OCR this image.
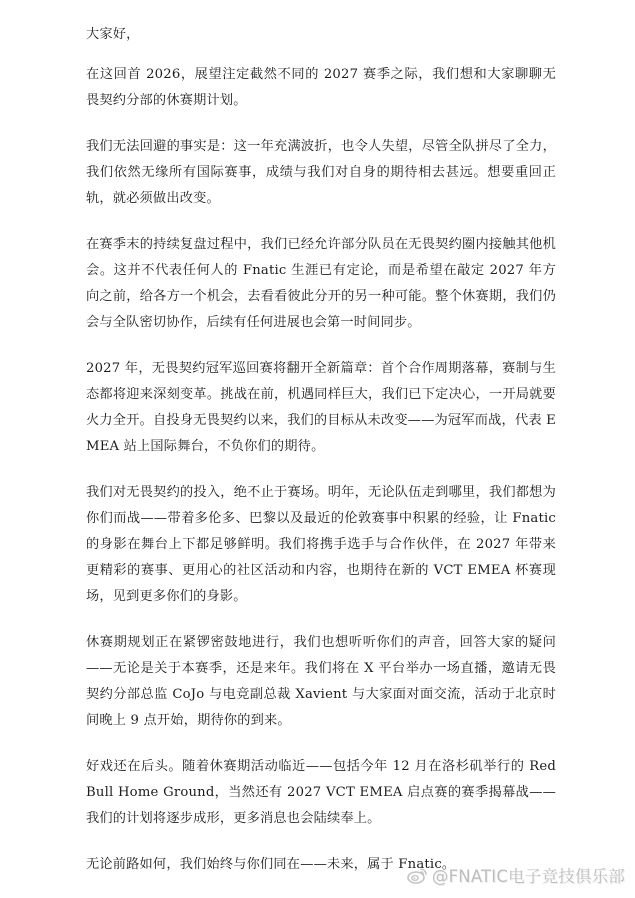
大家好，

在这回首 2026，展望注定截然不同的 2027 赛季之际，我们想和大家聊聊无畏契约分部的休赛期计划。

我们无法回避的事实是：这一年充满波折，也令人失望，尽管全队拼尽了全力，我们依然无缘所有国际赛事，成绩与我们对自身的期待相去甚远。想要重回正轨，就必须做出改变。

在赛季末的持续复盘过程中，我们已经允许部分队员在无畏契约圈内接触其他机会。这并不代表任何人的 Fnatic 生涯已有定论，而是希望在敲定 2027 年方向之前，给各方一个机会，去看看彼此分开的另一种可能。整个休赛期，我们仍会与全队密切协作，后续有任何进展也会第一时间同步。

2027 年，无畏契约冠军巡回赛将翻开全新篇章：首个合作周期落幕，赛制与生态都将迎来深刻变革。挑战在前，机遇同样巨大，我们已下定决心，一开局就要火力全开。自投身无畏契约以来，我们的目标从未改变——为冠军而战，代表 EMEA 站上国际舞台，不负你们的期待。

我们对无畏契约的投入，绝不止于赛场。明年，无论队伍走到哪里，我们都想为你们而战——带着多伦多、巴黎以及最近的伦敦赛事中积累的经验，让 Fnatic 的身影在舞台上下都足够鲜明。我们将携手选手与合作伙伴，在 2027 年带来更精彩的赛事、更用心的社区活动和内容，也期待在新的 VCT EMEA 杯赛现场，见到更多你们的身影。

休赛期规划正在紧锣密鼓地进行，我们也想听听你们的声音，回答大家的疑问——无论是关于本赛季，还是来年。我们将在 X 平台举办一场直播，邀请无畏契约分部总监 CoJo 与电竞副总裁 Xavient 与大家面对面交流，活动于北京时间晚上 9 点开始，期待你的到来。

好戏还在后头。随着休赛期活动临近——包括今年 12 月在洛杉矶举行的 Red Bull Home Ground，当然还有 2027 VCT EMEA 启点赛的赛季揭幕战——我们的计划将逐步成形，更多消息也会陆续奉上。

无论前路如何，我们始终与你们同在——未来，属于 Fnatic。

@FNATIC电子竞技俱乐部
